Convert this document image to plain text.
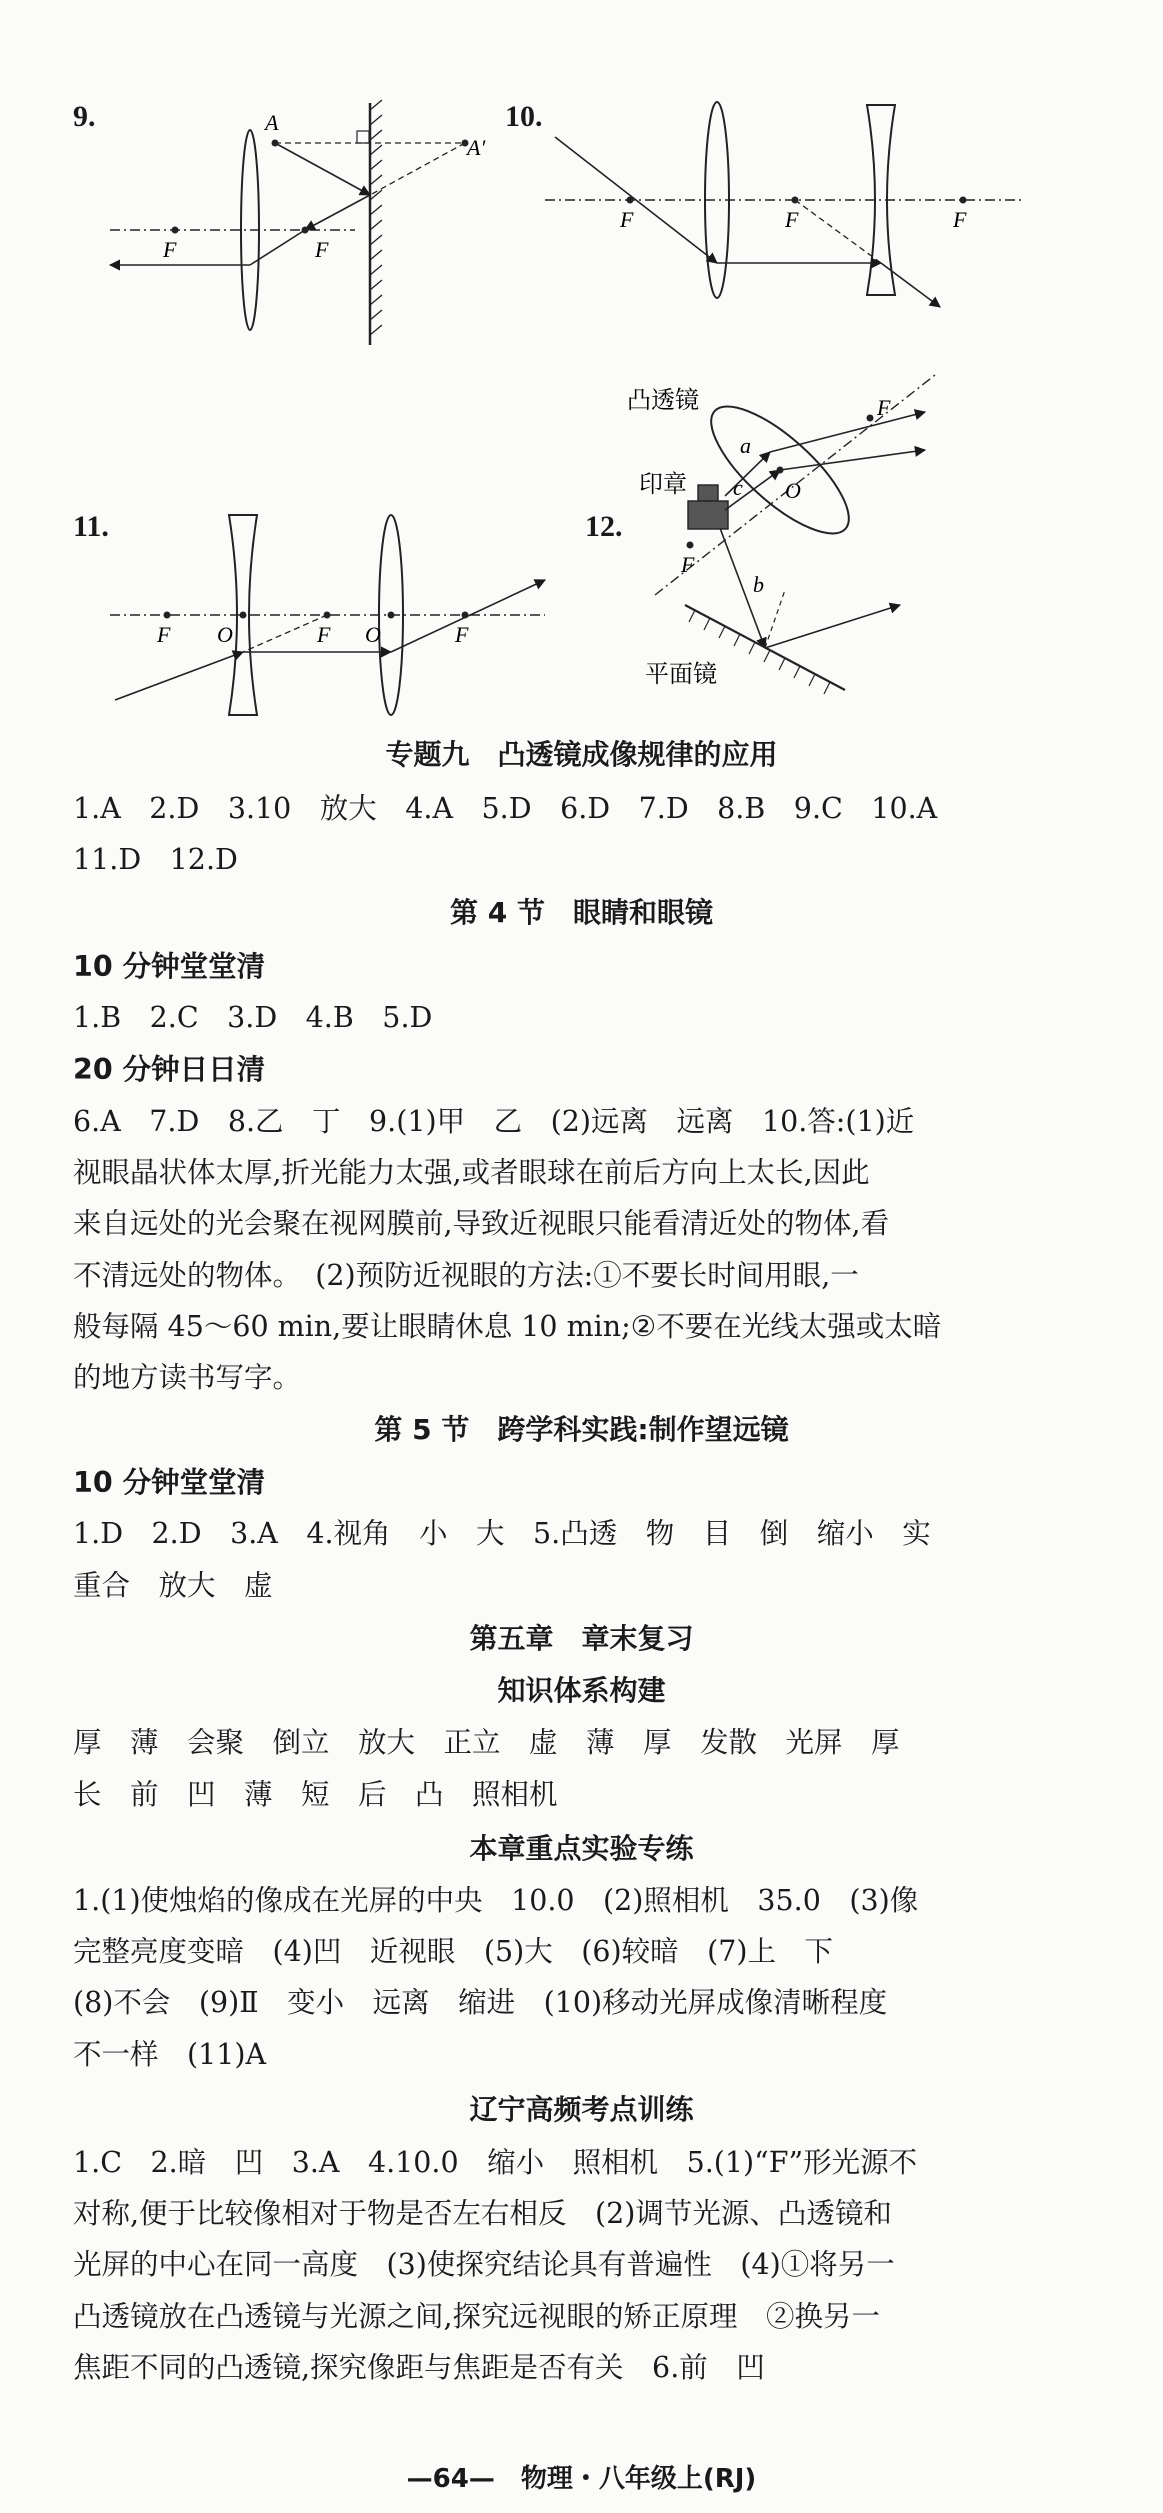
9.	A
A′
F	F
10.
F	F	F
11.
F O	F O	F
12.
凸透镜
印章
平面镜
a
c
b
F
O
F
专题九　凸透镜成像规律的应用
1.A　2.D　3.10　放大　4.A　5.D　6.D　7.D　8.B　9.C　10.A
11.D　12.D
第 4 节　眼睛和眼镜
10 分钟堂堂清
1.B　2.C　3.D　4.B　5.D
20 分钟日日清
6.A　7.D　8.乙　丁　9.(1)甲　乙　(2)远离　远离　10.答:(1)近
视眼晶状体太厚,折光能力太强,或者眼球在前后方向上太长,因此
来自远处的光会聚在视网膜前,导致近视眼只能看清近处的物体,看
不清远处的物体。　(2)预防近视眼的方法:①不要长时间用眼,一
般每隔 45～60 min,要让眼睛休息 10 min;②不要在光线太强或太暗
的地方读书写字。
第 5 节　跨学科实践:制作望远镜
10 分钟堂堂清
1.D　2.D　3.A　4.视角　小　大　5.凸透　物　目　倒　缩小　实
重合　放大　虚
第五章　章末复习
知识体系构建
厚　薄　会聚　倒立　放大　正立　虚　薄　厚　发散　光屏　厚
长　前　凹　薄　短　后　凸　照相机
本章重点实验专练
1.(1)使烛焰的像成在光屏的中央　10.0　(2)照相机　35.0　(3)像
完整亮度变暗　(4)凹　近视眼　(5)大　(6)较暗　(7)上　下
(8)不会　(9)Ⅱ　变小　远离　缩进　(10)移动光屏成像清晰程度
不一样　(11)A
辽宁高频考点训练
1.C　2.暗　凹　3.A　4.10.0　缩小　照相机　5.(1)“F”形光源不
对称,便于比较像相对于物是否左右相反　(2)调节光源、凸透镜和
光屏的中心在同一高度　(3)使探究结论具有普遍性　(4)①将另一
凸透镜放在凸透镜与光源之间,探究远视眼的矫正原理　②换另一
焦距不同的凸透镜,探究像距与焦距是否有关　6.前　凹
—64—　物理・八年级上(RJ)
